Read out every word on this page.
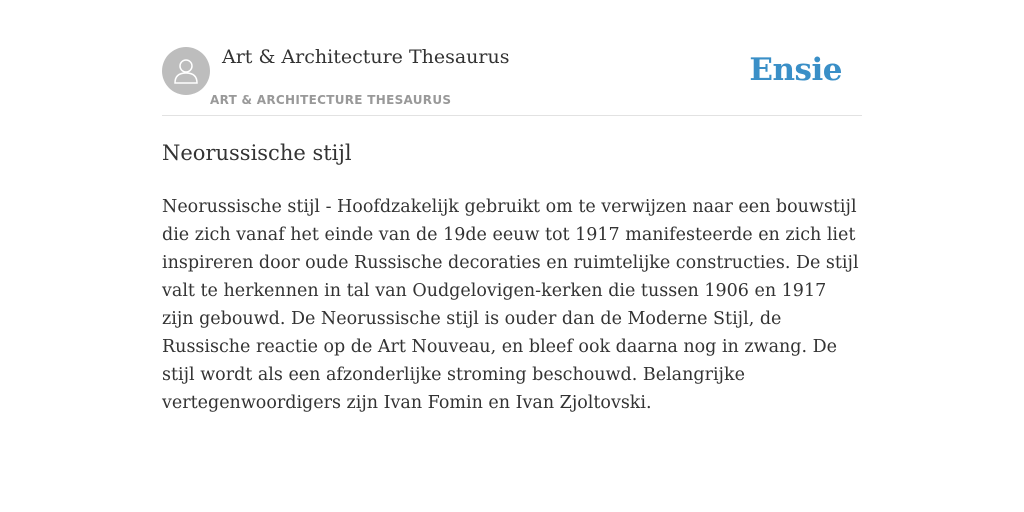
Art & Architecture Thesaurus
ART & ARCHITECTURE THESAURUS
Ensie
Neorussische stijl

Neorussische stijl - Hoofdzakelijk gebruikt om te verwijzen naar een bouwstijl die zich vanaf het einde van de 19de eeuw tot 1917 manifesteerde en zich liet inspireren door oude Russische decoraties en ruimtelijke constructies. De stijl valt te herkennen in tal van Oudgelovigen-kerken die tussen 1906 en 1917 zijn gebouwd. De Neorussische stijl is ouder dan de Moderne Stijl, de Russische reactie op de Art Nouveau, en bleef ook daarna nog in zwang. De stijl wordt als een afzonderlijke stroming beschouwd. Belangrijke vertegenwoordigers zijn Ivan Fomin en Ivan Zjoltovski.
